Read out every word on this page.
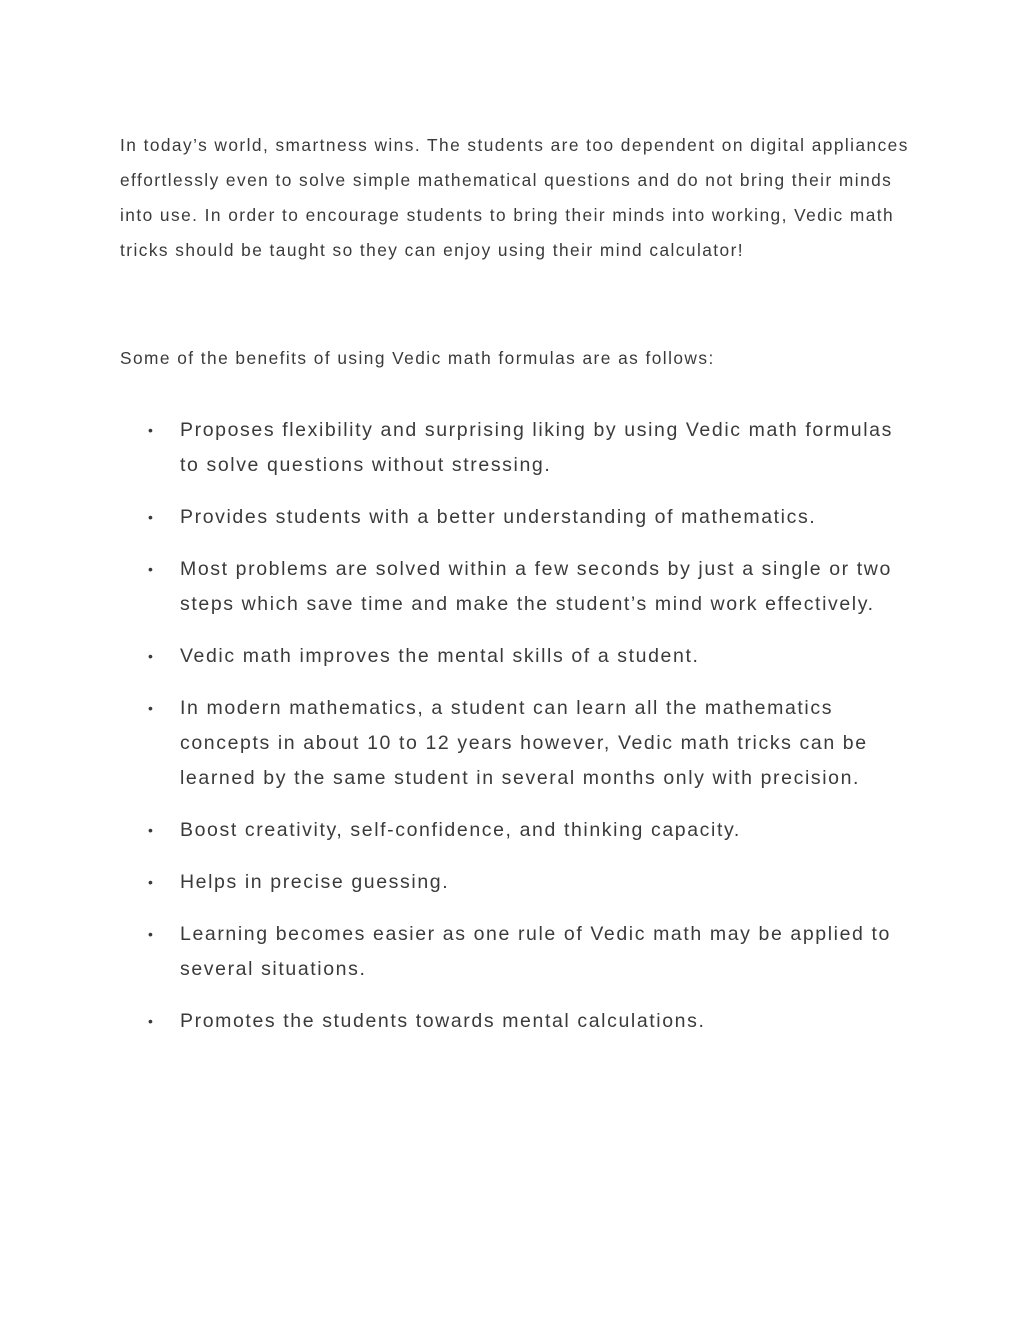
In today’s world, smartness wins. The students are too dependent on digital appliances effortlessly even to solve simple mathematical questions and do not bring their minds into use. In order to encourage students to bring their minds into working, Vedic math tricks should be taught so they can enjoy using their mind calculator!

Some of the benefits of using Vedic math formulas are as follows:

•	Proposes flexibility and surprising liking by using Vedic math formulas to solve questions without stressing.
•	Provides students with a better understanding of mathematics.
•	Most problems are solved within a few seconds by just a single or two steps which save time and make the student’s mind work effectively.
•	Vedic math improves the mental skills of a student.
•	In modern mathematics, a student can learn all the mathematics concepts in about 10 to 12 years however, Vedic math tricks can be learned by the same student in several months only with precision.
•	Boost creativity, self-confidence, and thinking capacity.
•	Helps in precise guessing.
•	Learning becomes easier as one rule of Vedic math may be applied to several situations.
•	Promotes the students towards mental calculations.
